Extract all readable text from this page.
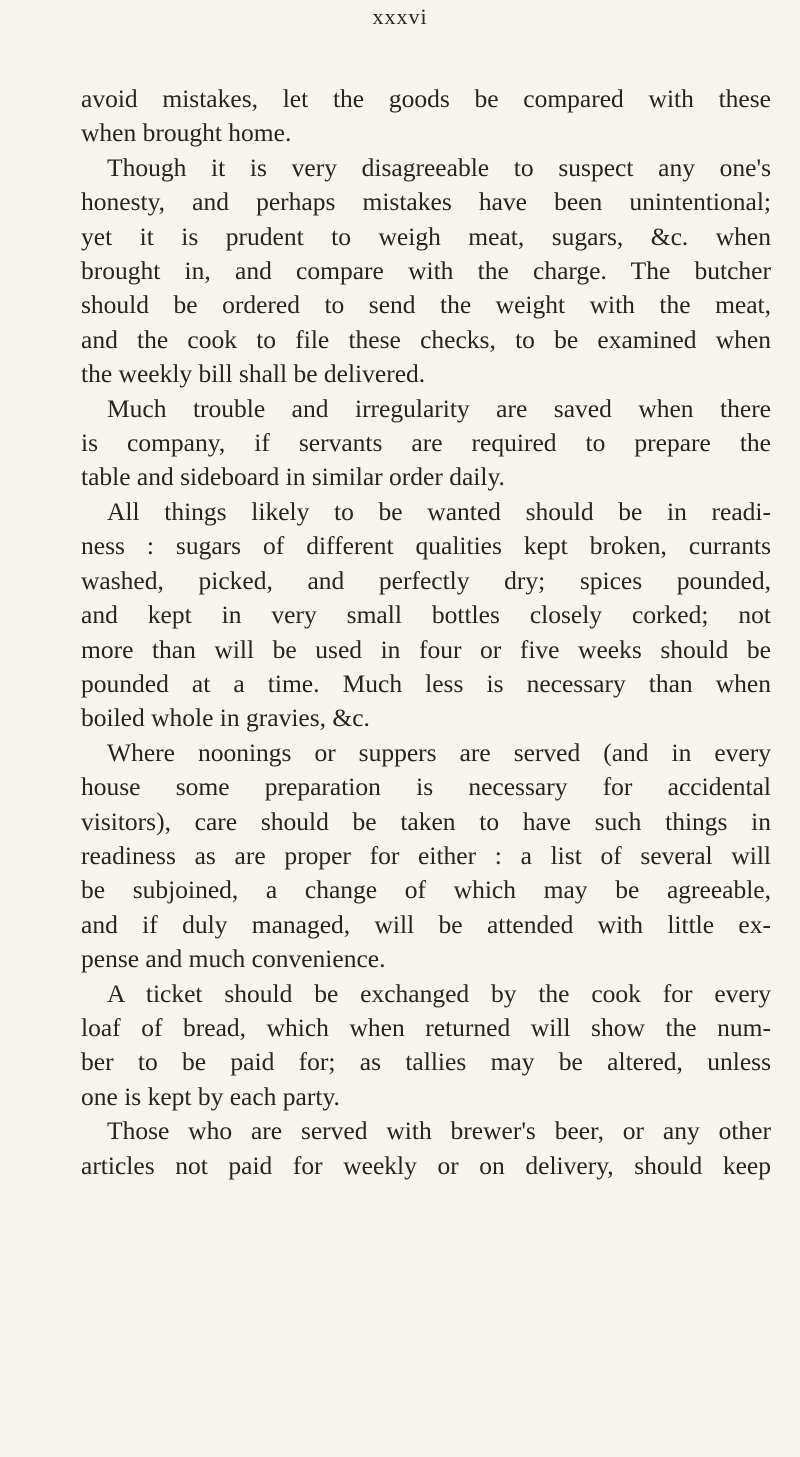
xxxvi
avoid mistakes, let the goods be compared with these
when brought home.
Though it is very disagreeable to suspect any one's
honesty, and perhaps mistakes have been unintentional;
yet it is prudent to weigh meat, sugars, &c. when
brought in, and compare with the charge. The butcher
should be ordered to send the weight with the meat,
and the cook to file these checks, to be examined when
the weekly bill shall be delivered.
Much trouble and irregularity are saved when there
is company, if servants are required to prepare the
table and sideboard in similar order daily.
All things likely to be wanted should be in readi-
ness : sugars of different qualities kept broken, currants
washed, picked, and perfectly dry; spices pounded,
and kept in very small bottles closely corked; not
more than will be used in four or five weeks should be
pounded at a time. Much less is necessary than when
boiled whole in gravies, &c.
Where noonings or suppers are served (and in every
house some preparation is necessary for accidental
visitors), care should be taken to have such things in
readiness as are proper for either : a list of several will
be subjoined, a change of which may be agreeable,
and if duly managed, will be attended with little ex-
pense and much convenience.
A ticket should be exchanged by the cook for every
loaf of bread, which when returned will show the num-
ber to be paid for; as tallies may be altered, unless
one is kept by each party.
Those who are served with brewer's beer, or any other
articles not paid for weekly or on delivery, should keep
